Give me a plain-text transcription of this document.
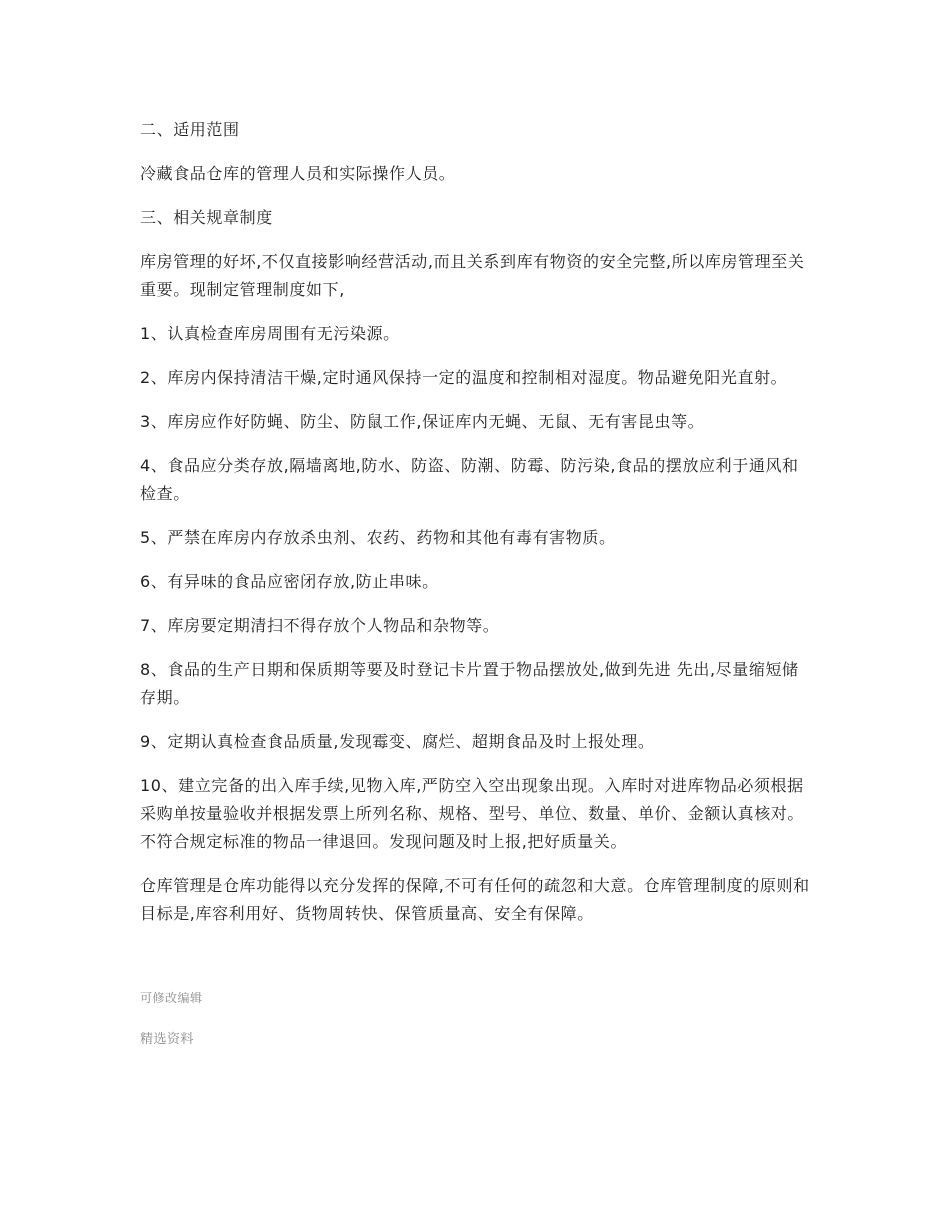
二、适用范围

冷藏食品仓库的管理人员和实际操作人员。

三、相关规章制度

库房管理的好坏,不仅直接影响经营活动,而且关系到库有物资的安全完整,所以库房管理至关重要。现制定管理制度如下,

1、认真检查库房周围有无污染源。

2、库房内保持清洁干燥,定时通风保持一定的温度和控制相对湿度。物品避免阳光直射。

3、库房应作好防蝇、防尘、防鼠工作,保证库内无蝇、无鼠、无有害昆虫等。

4、食品应分类存放,隔墙离地,防水、防盗、防潮、防霉、防污染,食品的摆放应利于通风和检查。

5、严禁在库房内存放杀虫剂、农药、药物和其他有毒有害物质。

6、有异味的食品应密闭存放,防止串味。

7、库房要定期清扫不得存放个人物品和杂物等。

8、食品的生产日期和保质期等要及时登记卡片置于物品摆放处,做到先进 先出,尽量缩短储存期。

9、定期认真检查食品质量,发现霉变、腐烂、超期食品及时上报处理。

10、建立完备的出入库手续,见物入库,严防空入空出现象出现。入库时对进库物品必须根据采购单按量验收并根据发票上所列名称、规格、型号、单位、数量、单价、金额认真核对。不符合规定标准的物品一律退回。发现问题及时上报,把好质量关。

仓库管理是仓库功能得以充分发挥的保障,不可有任何的疏忽和大意。仓库管理制度的原则和目标是,库容利用好、货物周转快、保管质量高、安全有保障。

可修改编辑

精选资料
